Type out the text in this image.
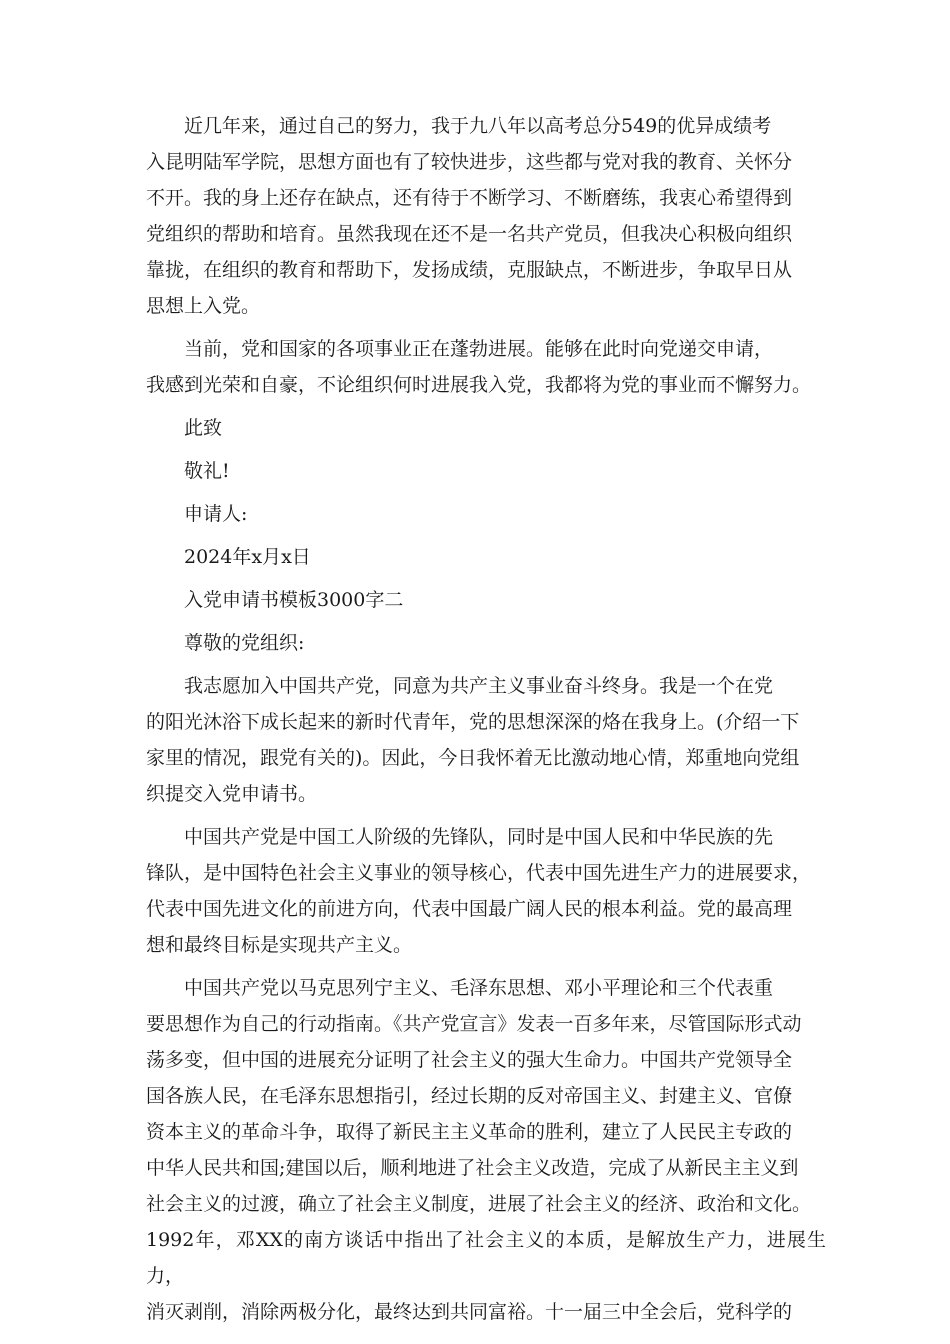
近几年来，通过自己的努力，我于九八年以高考总分549的优异成绩考
入昆明陆军学院，思想方面也有了较快进步，这些都与党对我的教育、关怀分
不开。我的身上还存在缺点，还有待于不断学习、不断磨练，我衷心希望得到
党组织的帮助和培育。虽然我现在还不是一名共产党员，但我决心积极向组织
靠拢，在组织的教育和帮助下，发扬成绩，克服缺点，不断进步，争取早日从
思想上入党。
当前，党和国家的各项事业正在蓬勃进展。能够在此时向党递交申请，
我感到光荣和自豪，不论组织何时进展我入党，我都将为党的事业而不懈努力。
此致
敬礼!
申请人:
2024年x月x日
入党申请书模板3000字二
尊敬的党组织:
我志愿加入中国共产党，同意为共产主义事业奋斗终身。我是一个在党
的阳光沐浴下成长起来的新时代青年，党的思想深深的烙在我身上。(介绍一下
家里的情况，跟党有关的)。因此，今日我怀着无比激动地心情，郑重地向党组
织提交入党申请书。
中国共产党是中国工人阶级的先锋队，同时是中国人民和中华民族的先
锋队，是中国特色社会主义事业的领导核心，代表中国先进生产力的进展要求，
代表中国先进文化的前进方向，代表中国最广阔人民的根本利益。党的最高理
想和最终目标是实现共产主义。
中国共产党以马克思列宁主义、毛泽东思想、邓小平理论和三个代表重
要思想作为自己的行动指南。《共产党宣言》发表一百多年来，尽管国际形式动
荡多变，但中国的进展充分证明了社会主义的强大生命力。中国共产党领导全
国各族人民，在毛泽东思想指引，经过长期的反对帝国主义、封建主义、官僚
资本主义的革命斗争，取得了新民主主义革命的胜利，建立了人民民主专政的
中华人民共和国;建国以后，顺利地进了社会主义改造，完成了从新民主主义到
社会主义的过渡，确立了社会主义制度，进展了社会主义的经济、政治和文化。
1992年，邓XX的南方谈话中指出了社会主义的本质，是解放生产力，进展生力，
消灭剥削，消除两极分化，最终达到共同富裕。十一届三中全会后，党科学的
